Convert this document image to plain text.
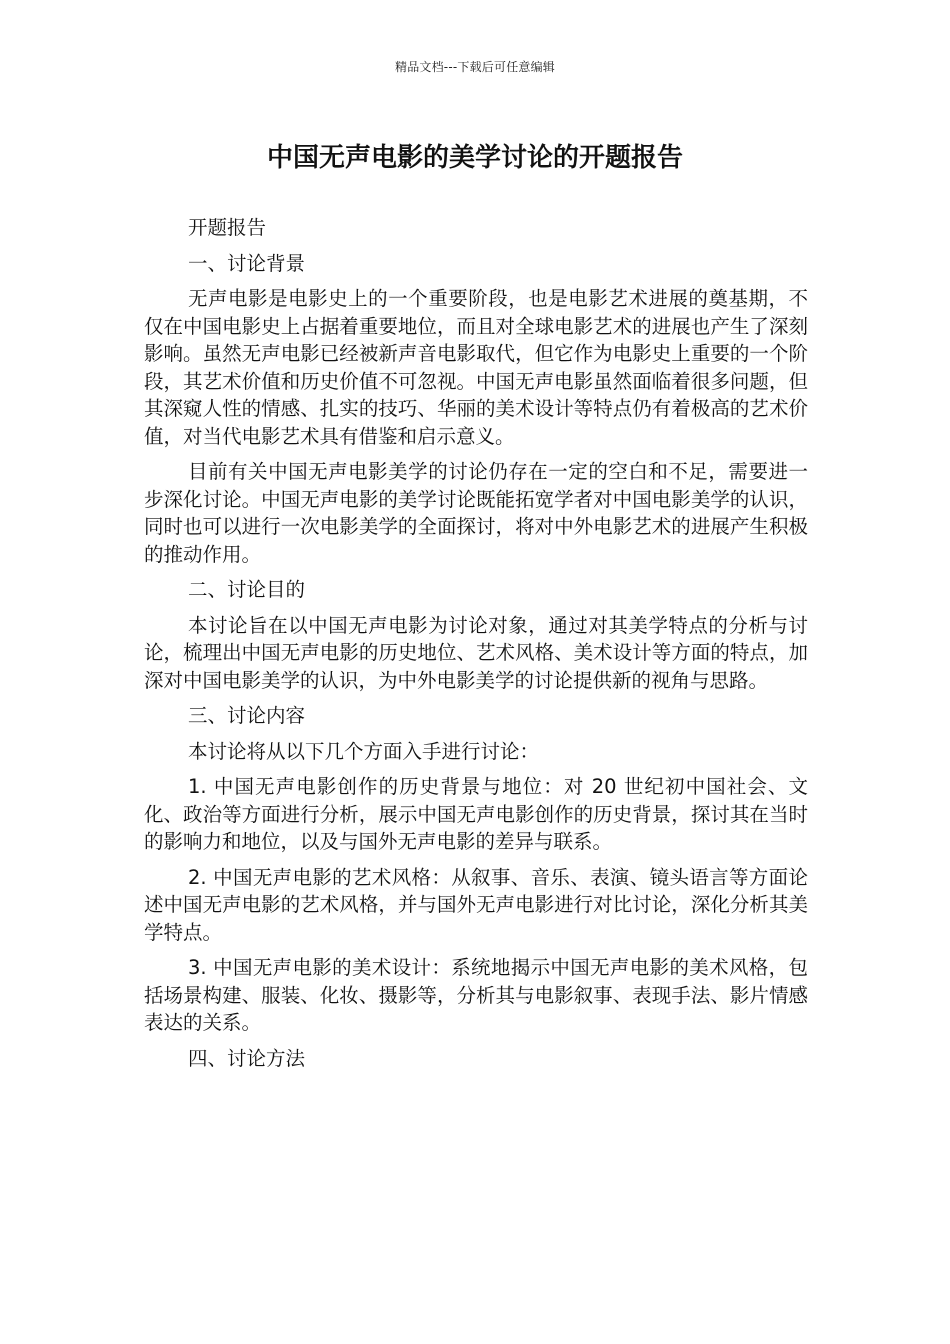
精品文档---下载后可任意编辑
中国无声电影的美学讨论的开题报告

开题报告

一、讨论背景

无声电影是电影史上的一个重要阶段，也是电影艺术进展的奠基期，不仅在中国电影史上占据着重要地位，而且对全球电影艺术的进展也产生了深刻影响。虽然无声电影已经被新声音电影取代，但它作为电影史上重要的一个阶段，其艺术价值和历史价值不可忽视。中国无声电影虽然面临着很多问题，但其深窥人性的情感、扎实的技巧、华丽的美术设计等特点仍有着极高的艺术价值，对当代电影艺术具有借鉴和启示意义。

目前有关中国无声电影美学的讨论仍存在一定的空白和不足，需要进一步深化讨论。中国无声电影的美学讨论既能拓宽学者对中国电影美学的认识，同时也可以进行一次电影美学的全面探讨，将对中外电影艺术的进展产生积极的推动作用。

二、讨论目的

本讨论旨在以中国无声电影为讨论对象，通过对其美学特点的分析与讨论，梳理出中国无声电影的历史地位、艺术风格、美术设计等方面的特点，加深对中国电影美学的认识，为中外电影美学的讨论提供新的视角与思路。

三、讨论内容

本讨论将从以下几个方面入手进行讨论：

1. 中国无声电影创作的历史背景与地位：对 20 世纪初中国社会、文化、政治等方面进行分析，展示中国无声电影创作的历史背景，探讨其在当时的影响力和地位，以及与国外无声电影的差异与联系。

2. 中国无声电影的艺术风格：从叙事、音乐、表演、镜头语言等方面论述中国无声电影的艺术风格，并与国外无声电影进行对比讨论，深化分析其美学特点。

3. 中国无声电影的美术设计：系统地揭示中国无声电影的美术风格，包括场景构建、服装、化妆、摄影等，分析其与电影叙事、表现手法、影片情感表达的关系。

四、讨论方法
